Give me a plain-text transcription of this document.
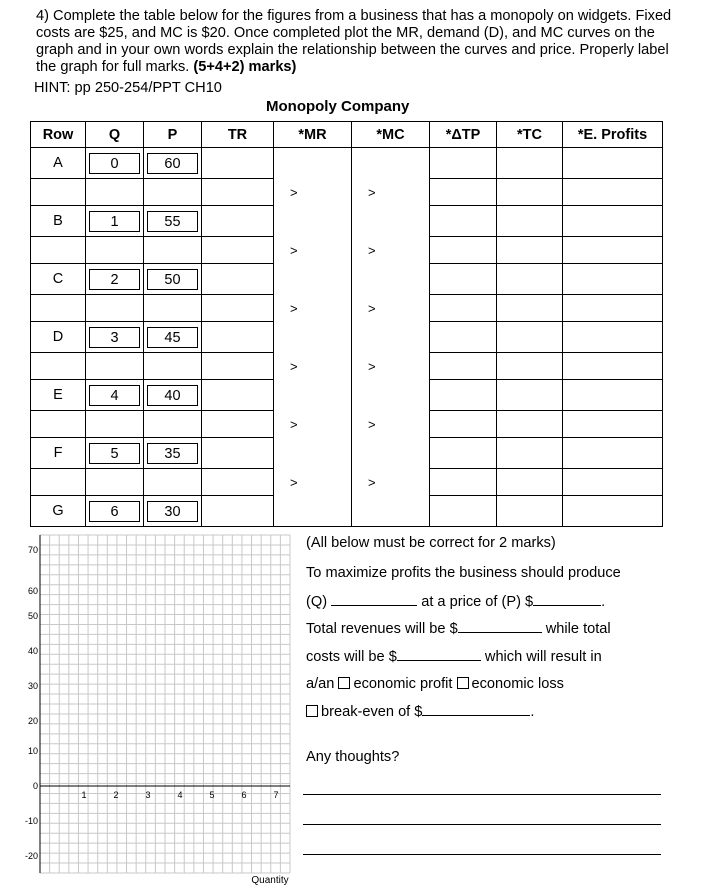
4) Complete the table below for the figures from a business that has a monopoly on widgets. Fixed costs are $25, and MC is $20. Once completed plot the MR, demand (D), and MC curves on the graph and in your own words explain the relationship between the curves and price. Properly label the graph for full marks. (5+4+2) marks)
HINT: pp 250-254/PPT CH10
Monopoly Company
Row	Q	P	TR	*MR	*MC	*ΔTP	*TC	*E. Profits
A	0	60						

				>	>			
B	1	55						

				>	>			
C	2	50						

				>	>			
D	3	45						

				>	>			
E	4	40						

				>	>			
F	5	35						

				>	>			
G	6	30						

70
60
50
40
30
20
10
0
-10
-20
1	2	3	4	5	6	7
Quantity
(All below must be correct for 2 marks)
To maximize profits the business should produce
(Q)	at a price of (P) $	.
Total revenues will be $	while total
costs will be $	which will result in
a/an economic profit economic loss
break-even of $	.
Any thoughts?
